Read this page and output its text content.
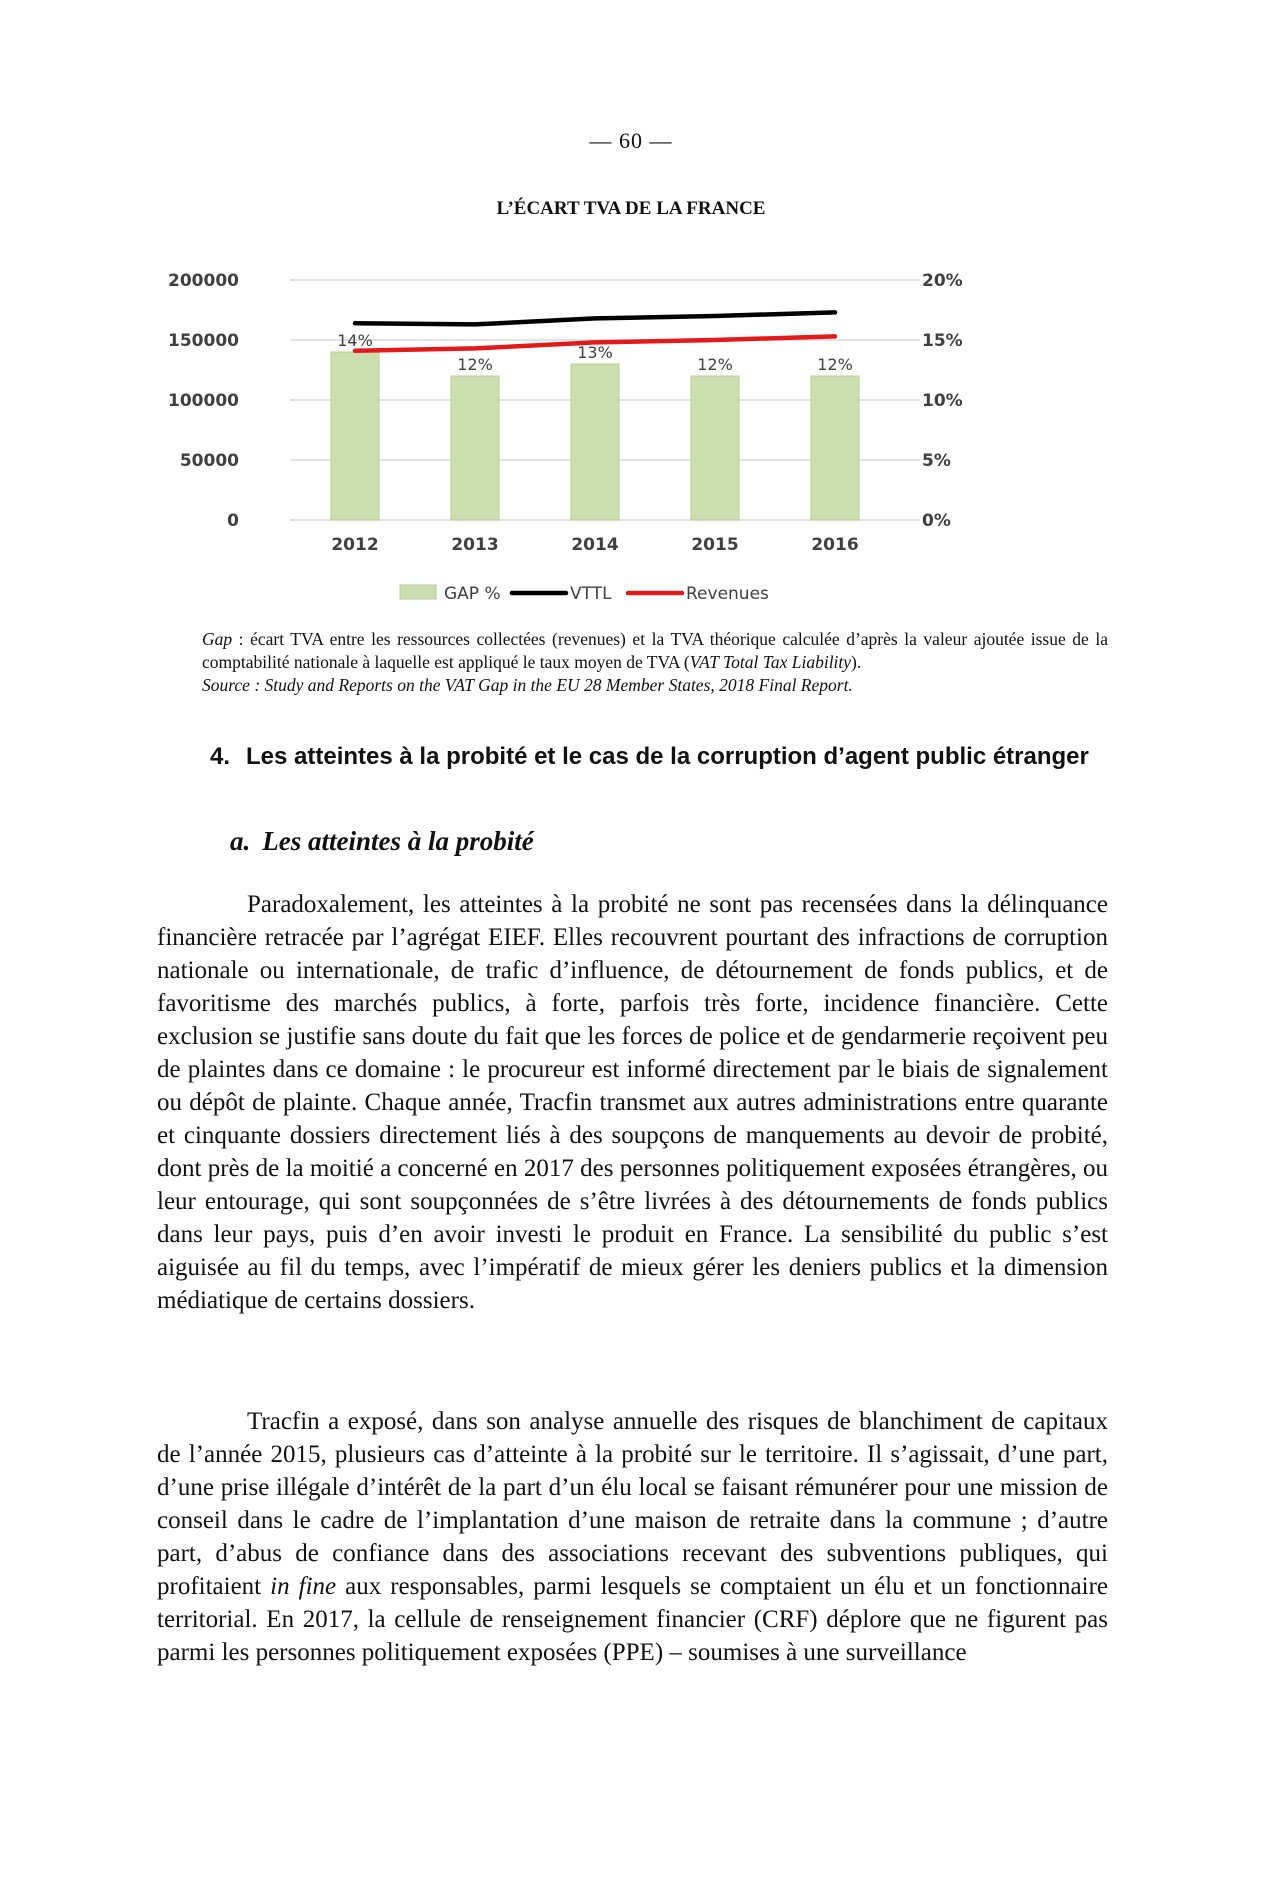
— 60 —
L’ÉCART TVA DE LA FRANCE
200000	20%
150000	15%
100000	10%
50000	5%
0	0%
14%
12%
13%
12%	12%
2012	2013	2014	2015	2016
GAP %	VTTL	Revenues

Gap : écart TVA entre les ressources collectées (revenues) et la TVA théorique calculée d’après la valeur ajoutée issue de la comptabilité nationale à laquelle est appliqué le taux moyen de TVA (VAT Total Tax Liability).

Source : Study and Reports on the VAT Gap in the EU 28 Member States, 2018 Final Report.

4. Les atteintes à la probité et le cas de la corruption d’agent public étranger
a. Les atteintes à la probité

Paradoxalement, les atteintes à la probité ne sont pas recensées dans la délinquance financière retracée par l’agrégat EIEF. Elles recouvrent pourtant des infractions de corruption nationale ou internationale, de trafic d’influence, de détournement de fonds publics, et de favoritisme des marchés publics, à forte, parfois très forte, incidence financière. Cette exclusion se justifie sans doute du fait que les forces de police et de gendarmerie reçoivent peu de plaintes dans ce domaine : le procureur est informé directement par le biais de signalement ou dépôt de plainte. Chaque année, Tracfin transmet aux autres administrations entre quarante et cinquante dossiers directement liés à des soupçons de manquements au devoir de probité, dont près de la moitié a concerné en 2017 des personnes politiquement exposées étrangères, ou leur entourage, qui sont soupçonnées de s’être livrées à des détournements de fonds publics dans leur pays, puis d’en avoir investi le produit en France. La sensibilité du public s’est aiguisée au fil du temps, avec l’impératif de mieux gérer les deniers publics et la dimension médiatique de certains dossiers.

Tracfin a exposé, dans son analyse annuelle des risques de blanchiment de capitaux de l’année 2015, plusieurs cas d’atteinte à la probité sur le territoire. Il s’agissait, d’une part, d’une prise illégale d’intérêt de la part d’un élu local se faisant rémunérer pour une mission de conseil dans le cadre de l’implantation d’une maison de retraite dans la commune ; d’autre part, d’abus de confiance dans des associations recevant des subventions publiques, qui profitaient in fine aux responsables, parmi lesquels se comptaient un élu et un fonctionnaire territorial. En 2017, la cellule de renseignement financier (CRF) déplore que ne figurent pas parmi les personnes politiquement exposées (PPE) – soumises à une surveillance
